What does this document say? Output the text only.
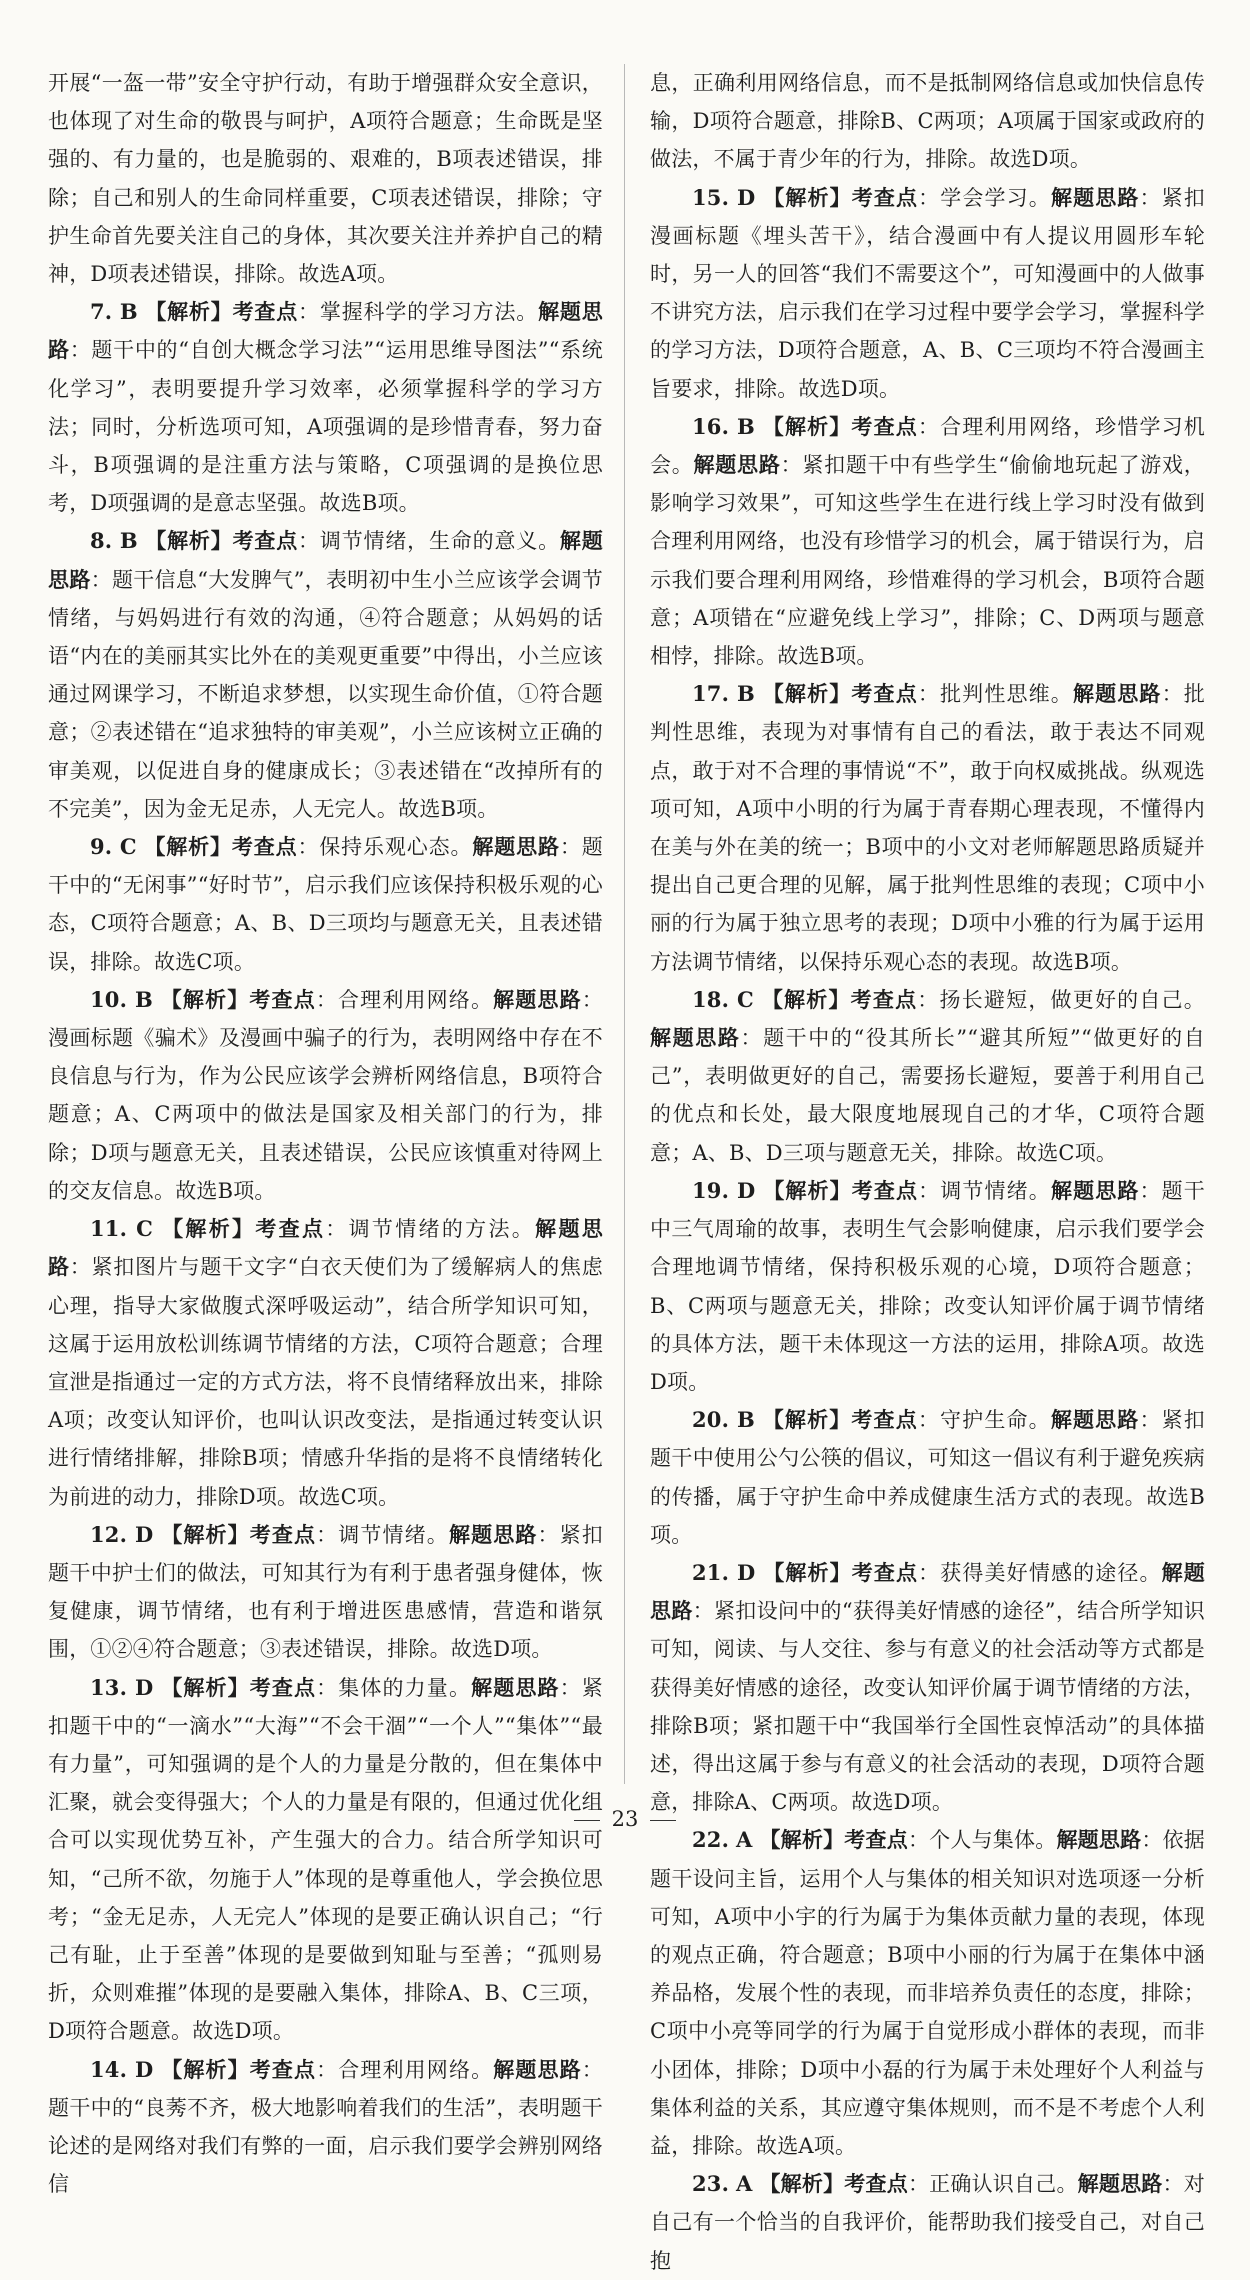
开展“一盔一带”安全守护行动，有助于增强群众安全意识，也体现了对生命的敬畏与呵护，A项符合题意；生命既是坚强的、有力量的，也是脆弱的、艰难的，B项表述错误，排除；自己和别人的生命同样重要，C项表述错误，排除；守护生命首先要关注自己的身体，其次要关注并养护自己的精神，D项表述错误，排除。故选A项。

7. B 【解析】考查点：掌握科学的学习方法。解题思路：题干中的“自创大概念学习法”“运用思维导图法”“系统化学习”，表明要提升学习效率，必须掌握科学的学习方法；同时，分析选项可知，A项强调的是珍惜青春，努力奋斗，B项强调的是注重方法与策略，C项强调的是换位思考，D项强调的是意志坚强。故选B项。

8. B 【解析】考查点：调节情绪，生命的意义。解题思路：题干信息“大发脾气”，表明初中生小兰应该学会调节情绪，与妈妈进行有效的沟通，④符合题意；从妈妈的话语“内在的美丽其实比外在的美观更重要”中得出，小兰应该通过网课学习，不断追求梦想，以实现生命价值，①符合题意；②表述错在“追求独特的审美观”，小兰应该树立正确的审美观，以促进自身的健康成长；③表述错在“改掉所有的不完美”，因为金无足赤，人无完人。故选B项。

9. C 【解析】考查点：保持乐观心态。解题思路：题干中的“无闲事”“好时节”，启示我们应该保持积极乐观的心态，C项符合题意；A、B、D三项均与题意无关，且表述错误，排除。故选C项。

10. B 【解析】考查点：合理利用网络。解题思路：漫画标题《骗术》及漫画中骗子的行为，表明网络中存在不良信息与行为，作为公民应该学会辨析网络信息，B项符合题意；A、C两项中的做法是国家及相关部门的行为，排除；D项与题意无关，且表述错误，公民应该慎重对待网上的交友信息。故选B项。

11. C 【解析】考查点：调节情绪的方法。解题思路：紧扣图片与题干文字“白衣天使们为了缓解病人的焦虑心理，指导大家做腹式深呼吸运动”，结合所学知识可知，这属于运用放松训练调节情绪的方法，C项符合题意；合理宣泄是指通过一定的方式方法，将不良情绪释放出来，排除A项；改变认知评价，也叫认识改变法，是指通过转变认识进行情绪排解，排除B项；情感升华指的是将不良情绪转化为前进的动力，排除D项。故选C项。

12. D 【解析】考查点：调节情绪。解题思路：紧扣题干中护士们的做法，可知其行为有利于患者强身健体，恢复健康，调节情绪，也有利于增进医患感情，营造和谐氛围，①②④符合题意；③表述错误，排除。故选D项。

13. D 【解析】考查点：集体的力量。解题思路：紧扣题干中的“一滴水”“大海”“不会干涸”“一个人”“集体”“最有力量”，可知强调的是个人的力量是分散的，但在集体中汇聚，就会变得强大；个人的力量是有限的，但通过优化组合可以实现优势互补，产生强大的合力。结合所学知识可知，“己所不欲，勿施于人”体现的是尊重他人，学会换位思考；“金无足赤，人无完人”体现的是要正确认识自己；“行己有耻，止于至善”体现的是要做到知耻与至善；“孤则易折，众则难摧”体现的是要融入集体，排除A、B、C三项，D项符合题意。故选D项。

14. D 【解析】考查点：合理利用网络。解题思路：题干中的“良莠不齐，极大地影响着我们的生活”，表明题干论述的是网络对我们有弊的一面，启示我们要学会辨别网络信

息，正确利用网络信息，而不是抵制网络信息或加快信息传输，D项符合题意，排除B、C两项；A项属于国家或政府的做法，不属于青少年的行为，排除。故选D项。

15. D 【解析】考查点：学会学习。解题思路：紧扣漫画标题《埋头苦干》，结合漫画中有人提议用圆形车轮时，另一人的回答“我们不需要这个”，可知漫画中的人做事不讲究方法，启示我们在学习过程中要学会学习，掌握科学的学习方法，D项符合题意，A、B、C三项均不符合漫画主旨要求，排除。故选D项。

16. B 【解析】考查点：合理利用网络，珍惜学习机会。解题思路：紧扣题干中有些学生“偷偷地玩起了游戏，影响学习效果”，可知这些学生在进行线上学习时没有做到合理利用网络，也没有珍惜学习的机会，属于错误行为，启示我们要合理利用网络，珍惜难得的学习机会，B项符合题意；A项错在“应避免线上学习”，排除；C、D两项与题意相悖，排除。故选B项。

17. B 【解析】考查点：批判性思维。解题思路：批判性思维，表现为对事情有自己的看法，敢于表达不同观点，敢于对不合理的事情说“不”，敢于向权威挑战。纵观选项可知，A项中小明的行为属于青春期心理表现，不懂得内在美与外在美的统一；B项中的小文对老师解题思路质疑并提出自己更合理的见解，属于批判性思维的表现；C项中小丽的行为属于独立思考的表现；D项中小雅的行为属于运用方法调节情绪，以保持乐观心态的表现。故选B项。

18. C 【解析】考查点：扬长避短，做更好的自己。解题思路：题干中的“役其所长”“避其所短”“做更好的自己”，表明做更好的自己，需要扬长避短，要善于利用自己的优点和长处，最大限度地展现自己的才华，C项符合题意；A、B、D三项与题意无关，排除。故选C项。

19. D 【解析】考查点：调节情绪。解题思路：题干中三气周瑜的故事，表明生气会影响健康，启示我们要学会合理地调节情绪，保持积极乐观的心境，D项符合题意；B、C两项与题意无关，排除；改变认知评价属于调节情绪的具体方法，题干未体现这一方法的运用，排除A项。故选D项。

20. B 【解析】考查点：守护生命。解题思路：紧扣题干中使用公勺公筷的倡议，可知这一倡议有利于避免疾病的传播，属于守护生命中养成健康生活方式的表现。故选B项。

21. D 【解析】考查点：获得美好情感的途径。解题思路：紧扣设问中的“获得美好情感的途径”，结合所学知识可知，阅读、与人交往、参与有意义的社会活动等方式都是获得美好情感的途径，改变认知评价属于调节情绪的方法，排除B项；紧扣题干中“我国举行全国性哀悼活动”的具体描述，得出这属于参与有意义的社会活动的表现，D项符合题意，排除A、C两项。故选D项。

22. A 【解析】考查点：个人与集体。解题思路：依据题干设问主旨，运用个人与集体的相关知识对选项逐一分析可知，A项中小宇的行为属于为集体贡献力量的表现，体现的观点正确，符合题意；B项中小丽的行为属于在集体中涵养品格，发展个性的表现，而非培养负责任的态度，排除；C项中小亮等同学的行为属于自觉形成小群体的表现，而非小团体，排除；D项中小磊的行为属于未处理好个人利益与集体利益的关系，其应遵守集体规则，而不是不考虑个人利益，排除。故选A项。

23. A 【解析】考查点：正确认识自己。解题思路：对自己有一个恰当的自我评价，能帮助我们接受自己，对自己抱

23
